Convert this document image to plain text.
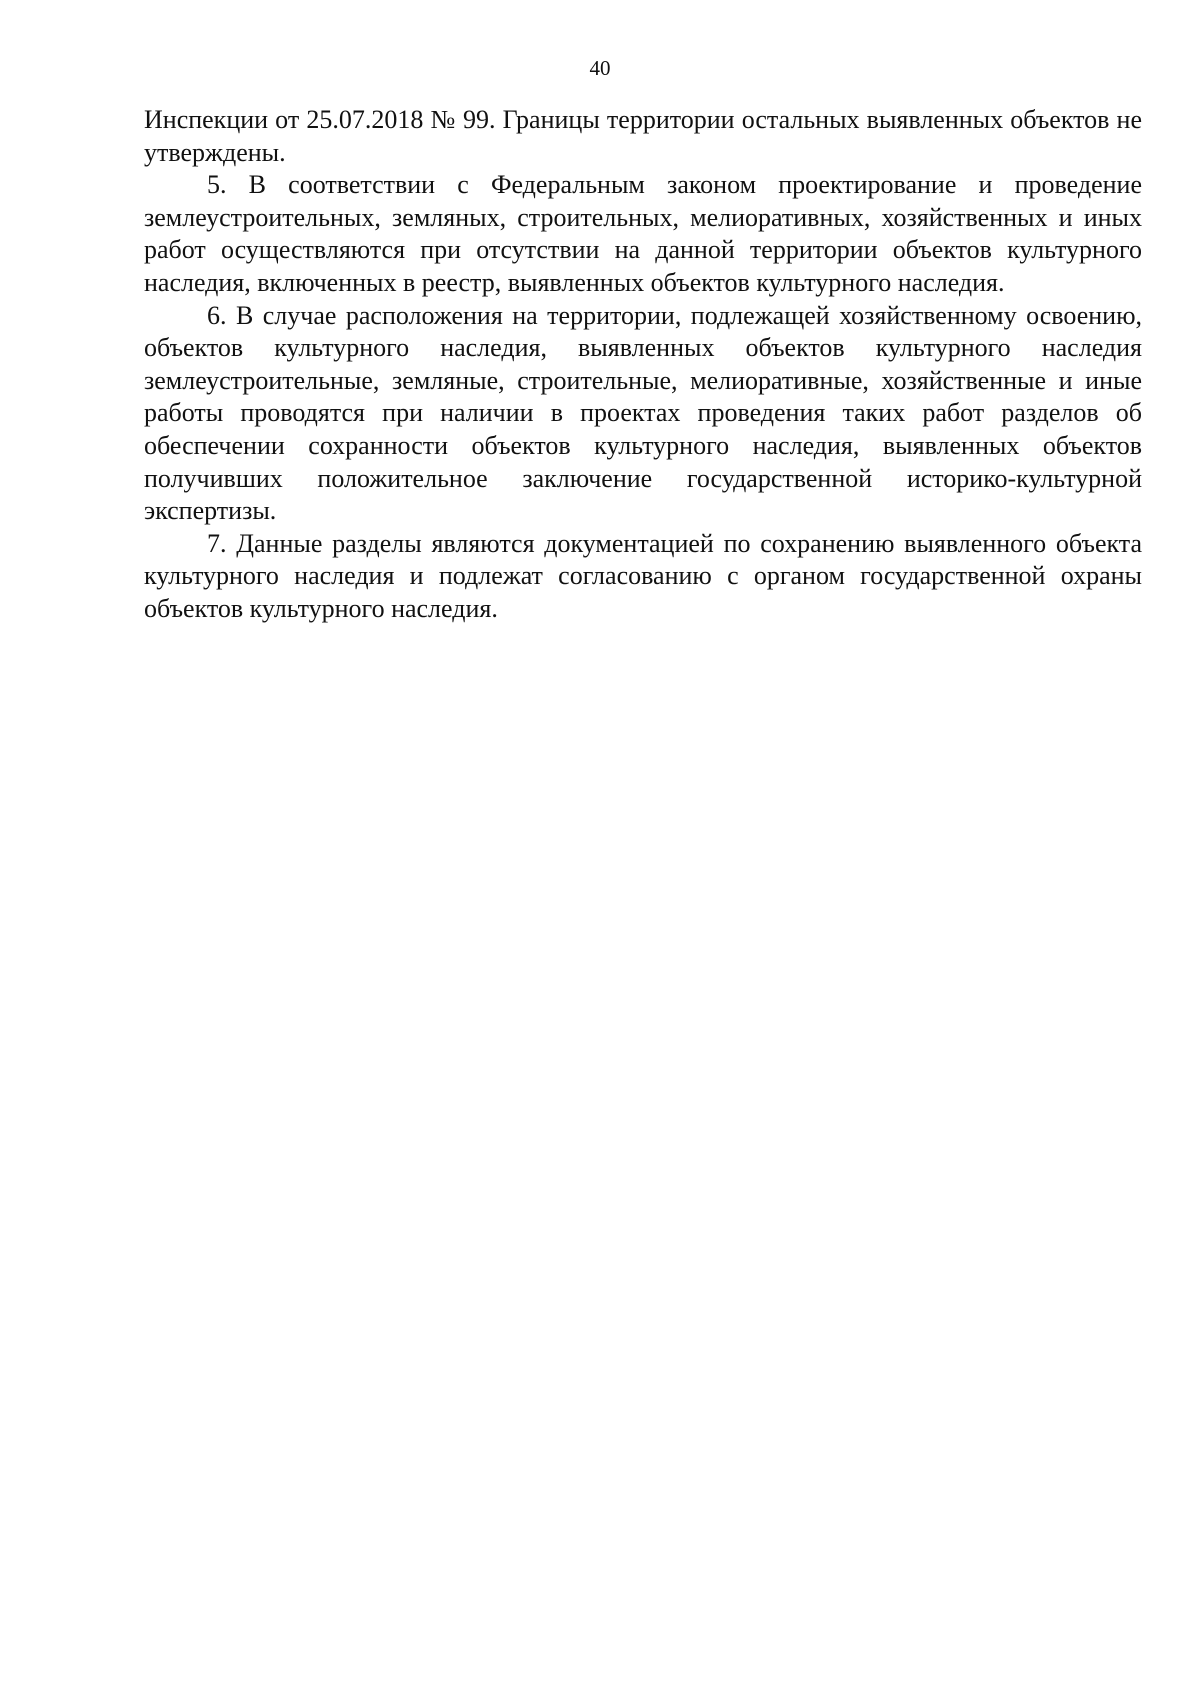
40

Инспекции от 25.07.2018 № 99. Границы территории остальных выявленных объектов не утверждены.

5. В соответствии с Федеральным законом проектирование и проведение землеустроительных, земляных, строительных, мелиоративных, хозяйственных и иных работ осуществляются при отсутствии на данной территории объектов культурного наследия, включенных в реестр, выявленных объектов культурного наследия.

6. В случае расположения на территории, подлежащей хозяйственному освоению, объектов культурного наследия, выявленных объектов культурного наследия землеустроительные, земляные, строительные, мелиоративные, хозяйственные и иные работы проводятся при наличии в проектах проведения таких работ разделов об обеспечении сохранности объектов культурного наследия, выявленных объектов получивших положительное заключение государственной историко-культурной экспертизы.

7. Данные разделы являются документацией по сохранению выявленного объекта культурного наследия и подлежат согласованию с органом государственной охраны объектов культурного наследия.
